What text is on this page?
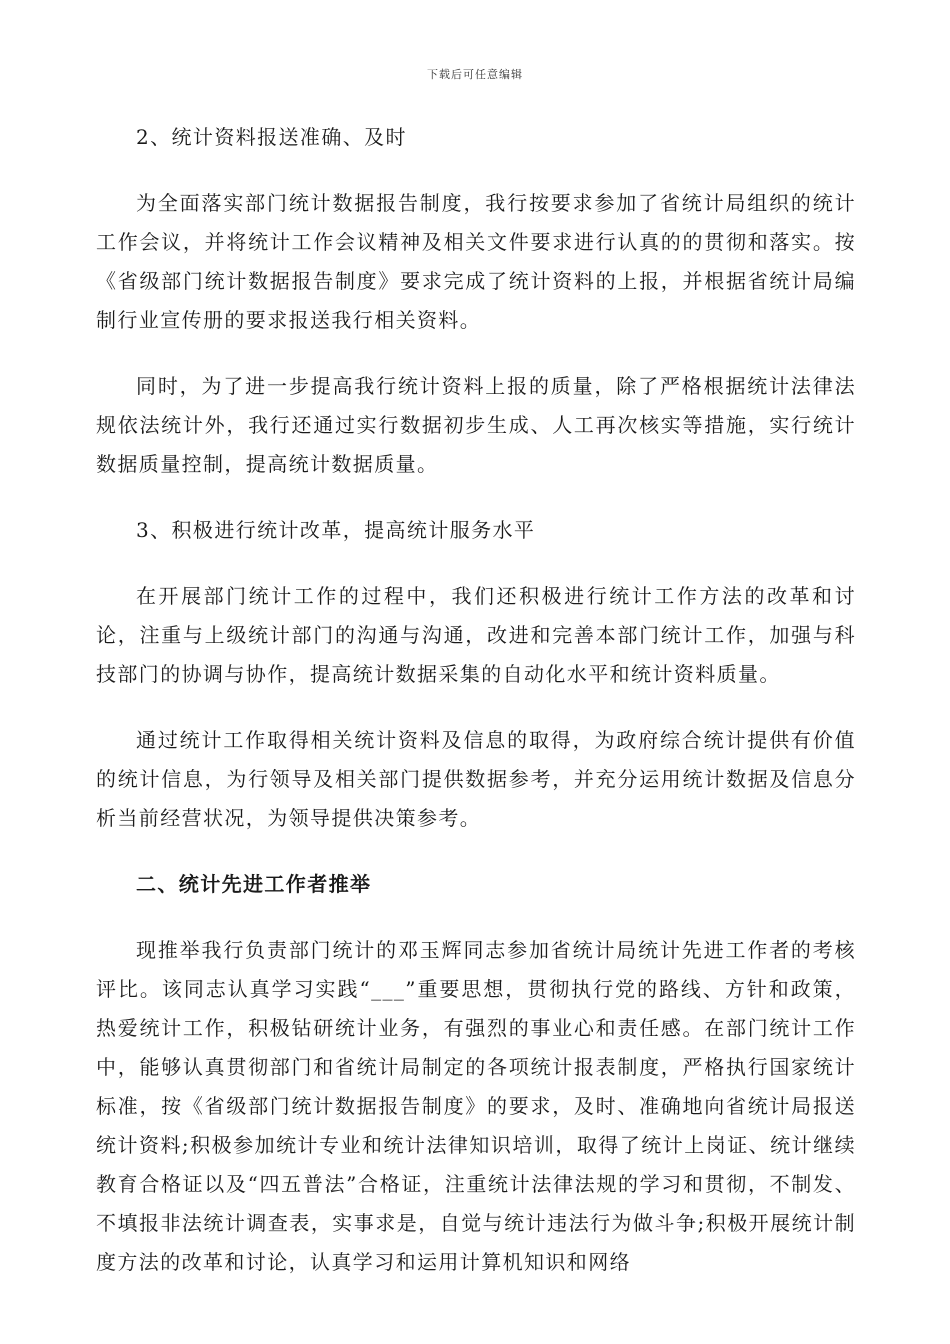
下载后可任意编辑

2、统计资料报送准确、及时

为全面落实部门统计数据报告制度，我行按要求参加了省统计局组织的统计工作会议，并将统计工作会议精神及相关文件要求进行认真的的贯彻和落实。按《省级部门统计数据报告制度》要求完成了统计资料的上报，并根据省统计局编制行业宣传册的要求报送我行相关资料。

同时，为了进一步提高我行统计资料上报的质量，除了严格根据统计法律法规依法统计外，我行还通过实行数据初步生成、人工再次核实等措施，实行统计数据质量控制，提高统计数据质量。

3、积极进行统计改革，提高统计服务水平

在开展部门统计工作的过程中，我们还积极进行统计工作方法的改革和讨论，注重与上级统计部门的沟通与沟通，改进和完善本部门统计工作，加强与科技部门的协调与协作，提高统计数据采集的自动化水平和统计资料质量。

通过统计工作取得相关统计资料及信息的取得，为政府综合统计提供有价值的统计信息，为行领导及相关部门提供数据参考，并充分运用统计数据及信息分析当前经营状况，为领导提供决策参考。

二、统计先进工作者推举

现推举我行负责部门统计的邓玉辉同志参加省统计局统计先进工作者的考核评比。该同志认真学习实践“___”重要思想，贯彻执行党的路线、方针和政策，热爱统计工作，积极钻研统计业务，有强烈的事业心和责任感。在部门统计工作中，能够认真贯彻部门和省统计局制定的各项统计报表制度，严格执行国家统计标准，按《省级部门统计数据报告制度》的要求，及时、准确地向省统计局报送统计资料;积极参加统计专业和统计法律知识培训，取得了统计上岗证、统计继续教育合格证以及“四五普法”合格证，注重统计法律法规的学习和贯彻，不制发、不填报非法统计调查表，实事求是，自觉与统计违法行为做斗争;积极开展统计制度方法的改革和讨论，认真学习和运用计算机知识和网络
